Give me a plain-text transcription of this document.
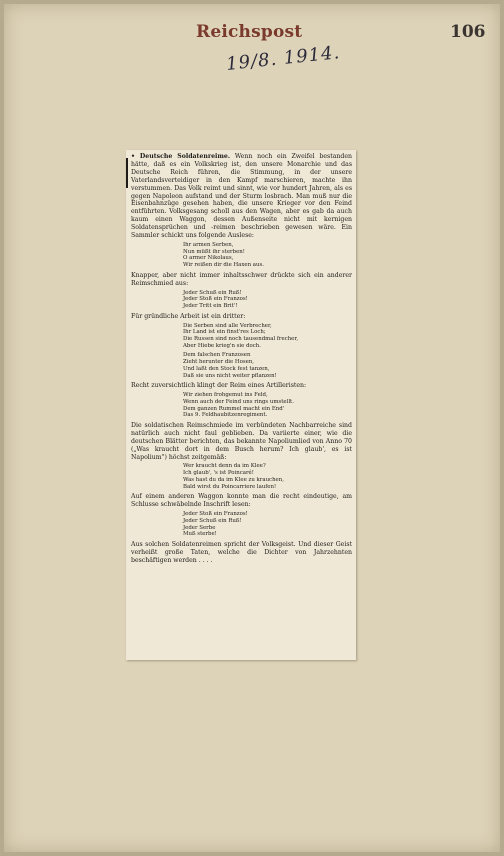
Reichspost	106
19/8. 1914.

• Deutsche Soldatenreime. Wenn noch ein Zweifel bestanden hätte, daß es ein Volkskrieg ist, den unsere Monarchie und das Deutsche Reich führen, die Stimmung, in der unsere Vaterlandsverteidiger in den Kampf marschieren, machte ihn verstummen. Das Volk reimt und sinnt, wie vor hundert Jahren, als es gegen Napoleon aufstand und der Sturm losbrach. Man muß nur die Eisenbahnzüge gesehen haben, die unsere Krieger vor den Feind entführten. Volksgesang scholl aus den Wagen, aber es gab da auch kaum einen Waggon, dessen Außenseite nicht mit kernigen Soldatensprüchen und -reimen beschrieben gewesen wäre. Ein Sammler schickt uns folgende Auslese:

Ihr armen Serben,
Nun müßt ihr sterben!
O armer Nikolaus,
Wir reißen dir die Haxen aus.

Knapper, aber nicht immer inhaltsschwer drückte sich ein anderer Reimschmied aus:

Jeder Schuß ein Ruß!
Jeder Stoß ein Franzos!
Jeder Tritt ein Brit'!

Für gründliche Arbeit ist ein dritter:

Die Serben sind alle Verbrecher,
Ihr Land ist ein finst'res Loch;
Die Russen sind noch tausendmal frecher,
Aber Hiebe krieg'n sie doch.
Dem falschen Franzosen
Zieht herunter die Hosen,
Und laßt den Stock fest tanzen,
Daß sie uns nicht weiter pflanzen!

Recht zuversichtlich klingt der Reim eines Artilleristen:

Wir ziehen frohgemut ins Feld,
Wenn auch der Feind uns rings umstellt.
Dem ganzen Rummel macht ein End'
Das 9. Feldhaubitzenregiment.

Die soldatischen Reimschmiede im verbündeten Nachbarreiche sind natürlich auch nicht faul geblieben. Da variierte einer, wie die deutschen Blätter berichten, das bekannte Napoliumlied von Anno 70 („Was kraucht dort in dem Busch herum? Ich glaub', es ist Napolium") höchst zeitgemäß:

Wer kraucht denn da im Klee?
Ich glaub', 's ist Poincaré!
Was hast du da im Klee zu krauchen,
Bald wirst du Poincarriere laufen!

Auf einem anderen Waggon konnte man die recht eindeutige, am Schlusse schwäbelnde Inschrift lesen:

Jeder Stoß ein Franzos!
Jeder Schuß ein Ruß!
Jeder Serbe
Muß sterbe!

Aus solchen Soldatenreimen spricht der Volksgeist. Und dieser Geist verheißt große Taten, welche die Dichter von Jahrzehnten beschäftigen werden . . . .
